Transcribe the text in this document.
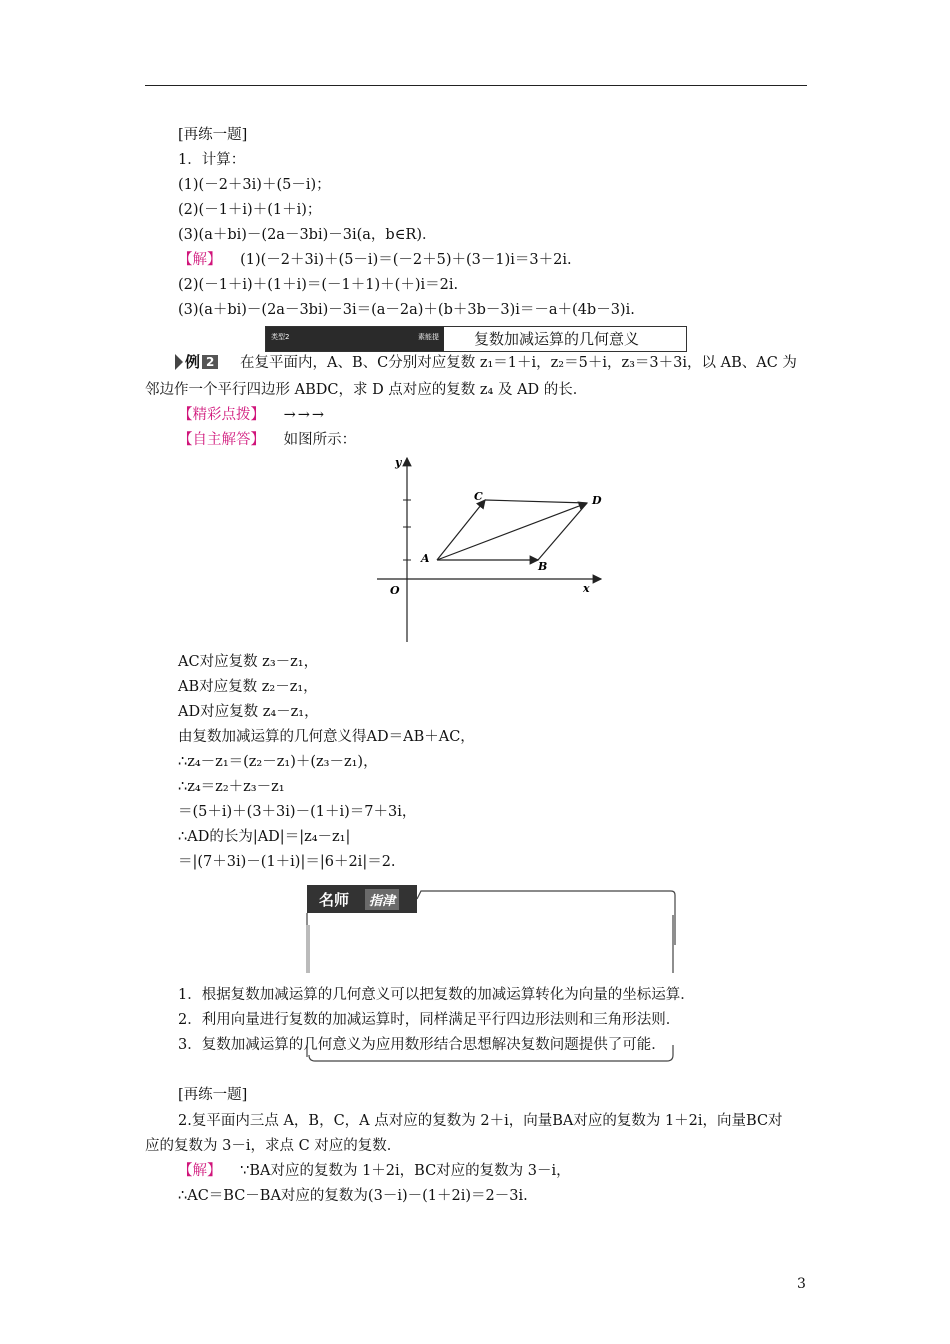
[再练一题]
1．计算：
(1)(－2＋3i)＋(5－i)；
(2)(－1＋i)＋(1＋i)；
(3)(a＋bi)－(2a－3bi)－3i(a，b∈R)．
【解】 (1)(－2＋3i)＋(5－i)＝(－2＋5)＋(3－1)i＝3＋2i.
(2)(－1＋i)＋(1＋i)＝(－1＋1)＋(＋)i＝2i.
(3)(a＋bi)－(2a－3bi)－3i＝(a－2a)＋(b＋3b－3)i＝－a＋(4b－3)i.
类型2	素能提 复数加减运算的几何意义
例 2 在复平面内，A、B、C分别对应复数 z₁＝1＋i，z₂＝5＋i，z₃＝3＋3i，以 AB、AC 为
邻边作一个平行四边形 ABDC，求 D 点对应的复数 z₄ 及 AD 的长．
【精彩点拨】 →→→
【自主解答】 如图所示：
y
x
O
A
B
C	D
AC对应复数 z₃－z₁，
AB对应复数 z₂－z₁，
AD对应复数 z₄－z₁，
由复数加减运算的几何意义得AD＝AB＋AC，
∴z₄－z₁＝(z₂－z₁)＋(z₃－z₁)，
∴z₄＝z₂＋z₃－z₁
＝(5＋i)＋(3＋3i)－(1＋i)＝7＋3i，
∴AD的长为|AD|＝|z₄－z₁|
＝|(7＋3i)－(1＋i)|＝|6＋2i|＝2.
名师	指津
1．根据复数加减运算的几何意义可以把复数的加减运算转化为向量的坐标运算．
2．利用向量进行复数的加减运算时，同样满足平行四边形法则和三角形法则．
3．复数加减运算的几何意义为应用数形结合思想解决复数问题提供了可能．
[再练一题]
2.复平面内三点 A，B，C，A 点对应的复数为 2＋i，向量BA对应的复数为 1＋2i，向量BC对
应的复数为 3－i，求点 C 对应的复数．
【解】 ∵BA对应的复数为 1＋2i，BC对应的复数为 3－i，
∴AC＝BC－BA对应的复数为(3－i)－(1＋2i)＝2－3i.
3
